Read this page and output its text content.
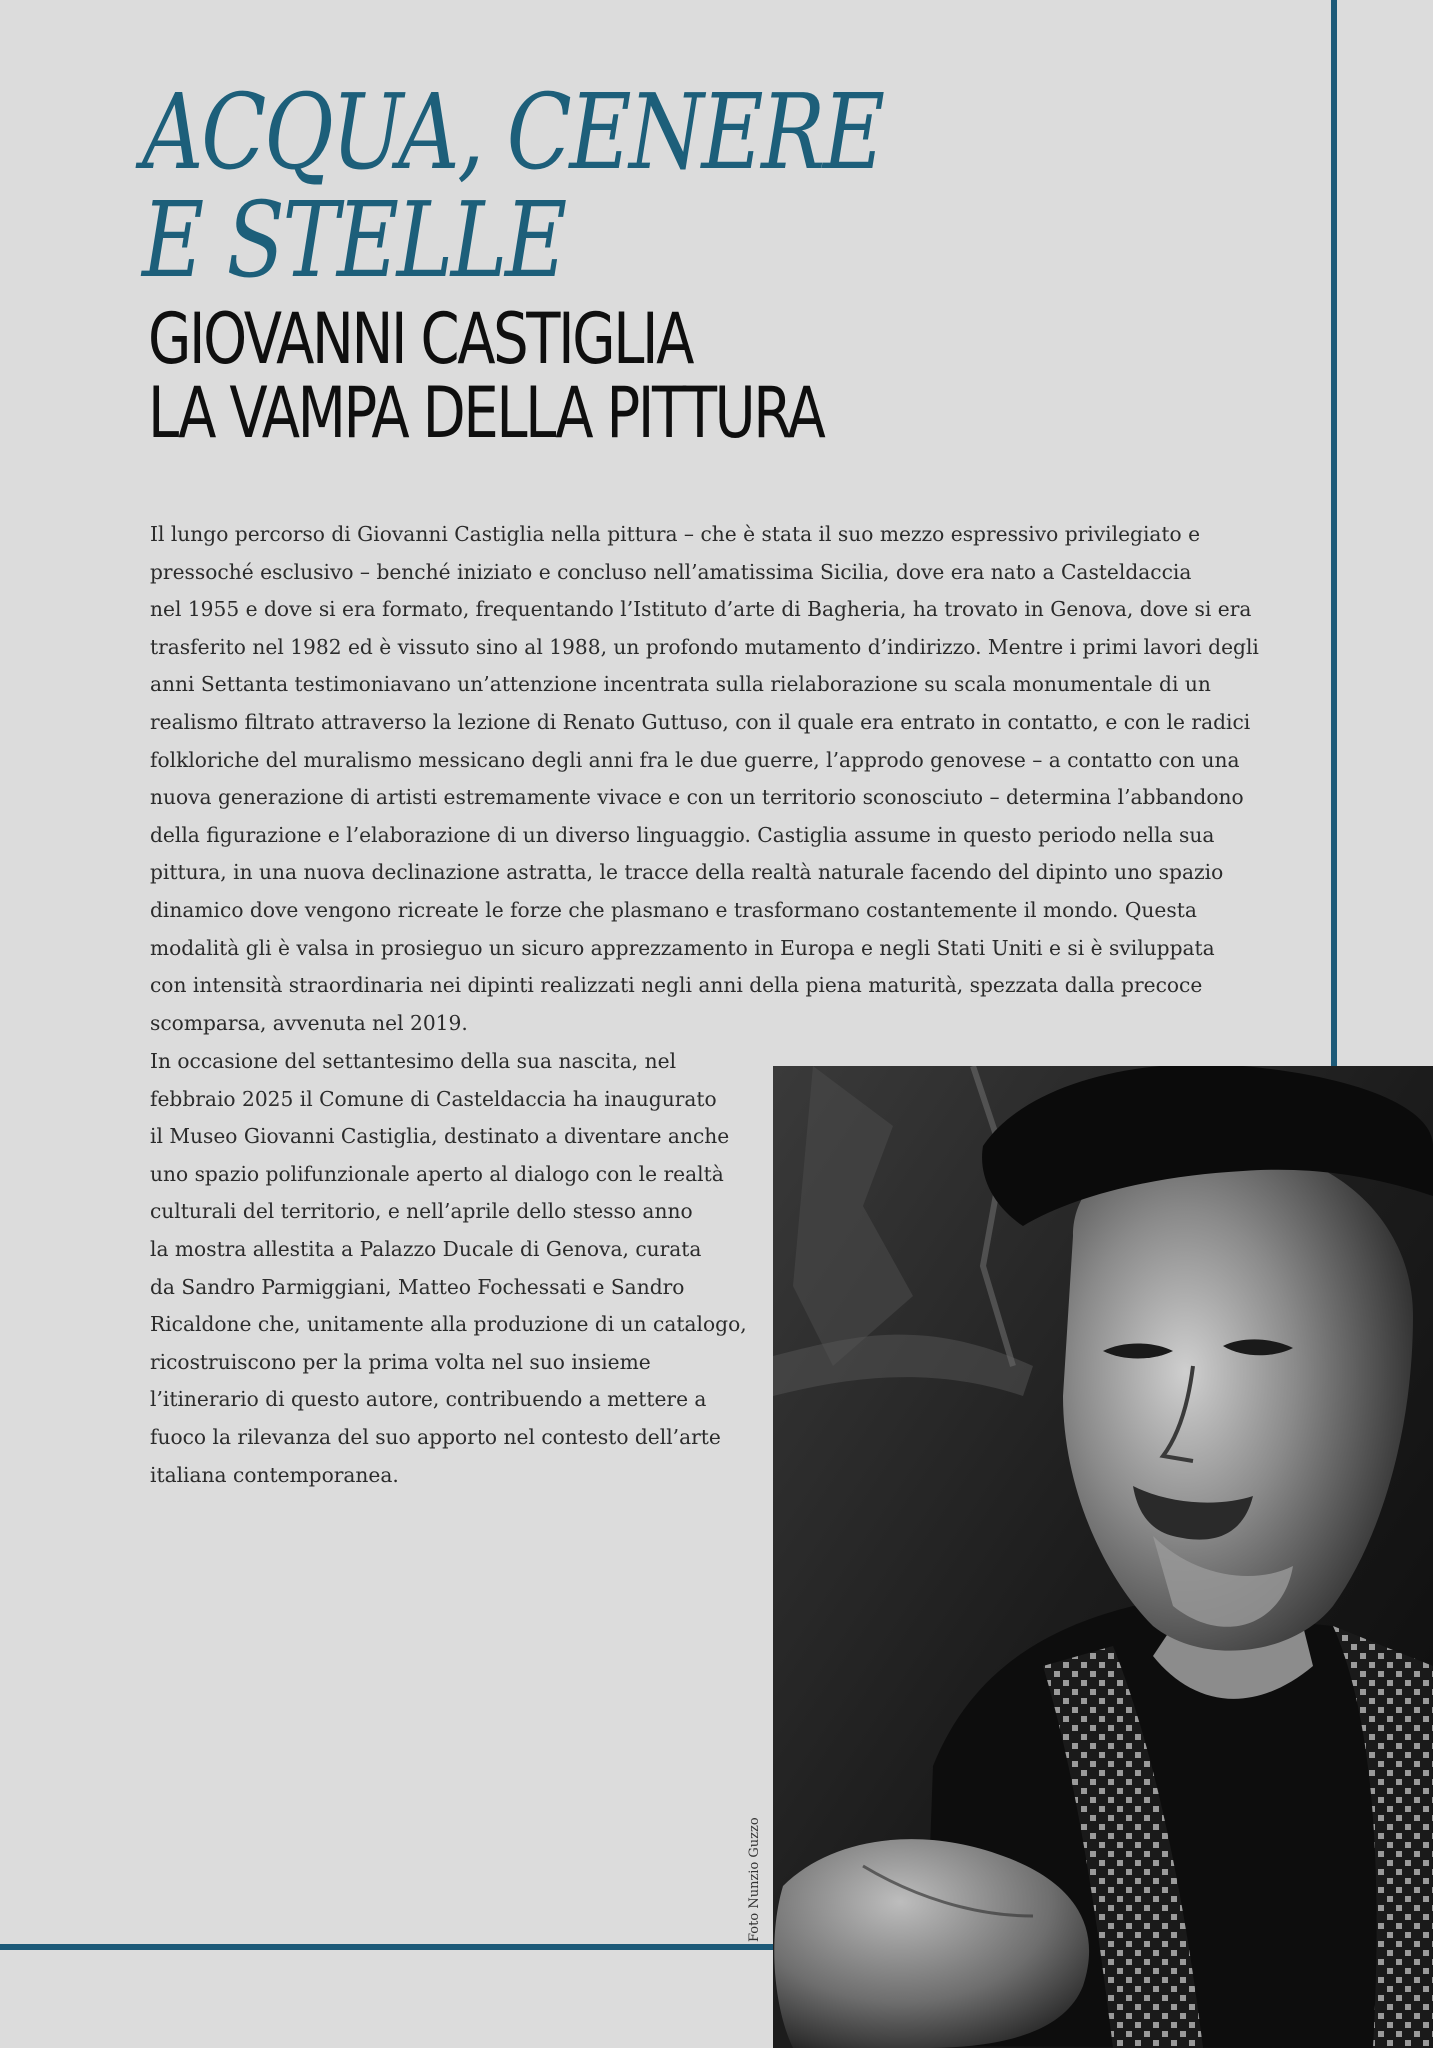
ACQUA, CENERE
E STELLE
GIOVANNI CASTIGLIA
LA VAMPA DELLA PITTURA
Il lungo percorso di Giovanni Castiglia nella pittura – che è stata il suo mezzo espressivo privilegiato e
pressoché esclusivo – benché iniziato e concluso nell’amatissima Sicilia, dove era nato a Casteldaccia
nel 1955 e dove si era formato, frequentando l’Istituto d’arte di Bagheria, ha trovato in Genova, dove si era
trasferito nel 1982 ed è vissuto sino al 1988, un profondo mutamento d’indirizzo. Mentre i primi lavori degli
anni Settanta testimoniavano un’attenzione incentrata sulla rielaborazione su scala monumentale di un
realismo filtrato attraverso la lezione di Renato Guttuso, con il quale era entrato in contatto, e con le radici
folkloriche del muralismo messicano degli anni fra le due guerre, l’approdo genovese – a contatto con una
nuova generazione di artisti estremamente vivace e con un territorio sconosciuto – determina l’abbandono
della figurazione e l’elaborazione di un diverso linguaggio. Castiglia assume in questo periodo nella sua
pittura, in una nuova declinazione astratta, le tracce della realtà naturale facendo del dipinto uno spazio
dinamico dove vengono ricreate le forze che plasmano e trasformano costantemente il mondo. Questa
modalità gli è valsa in prosieguo un sicuro apprezzamento in Europa e negli Stati Uniti e si è sviluppata
con intensità straordinaria nei dipinti realizzati negli anni della piena maturità, spezzata dalla precoce
scomparsa, avvenuta nel 2019.
In occasione del settantesimo della sua nascita, nel
febbraio 2025 il Comune di Casteldaccia ha inaugurato
il Museo Giovanni Castiglia, destinato a diventare anche
uno spazio polifunzionale aperto al dialogo con le realtà
culturali del territorio, e nell’aprile dello stesso anno
la mostra allestita a Palazzo Ducale di Genova, curata
da Sandro Parmiggiani, Matteo Fochessati e Sandro
Ricaldone che, unitamente alla produzione di un catalogo,
ricostruiscono per la prima volta nel suo insieme
l’itinerario di questo autore, contribuendo a mettere a
fuoco la rilevanza del suo apporto nel contesto dell’arte
italiana contemporanea.
Foto Nunzio Guzzo
